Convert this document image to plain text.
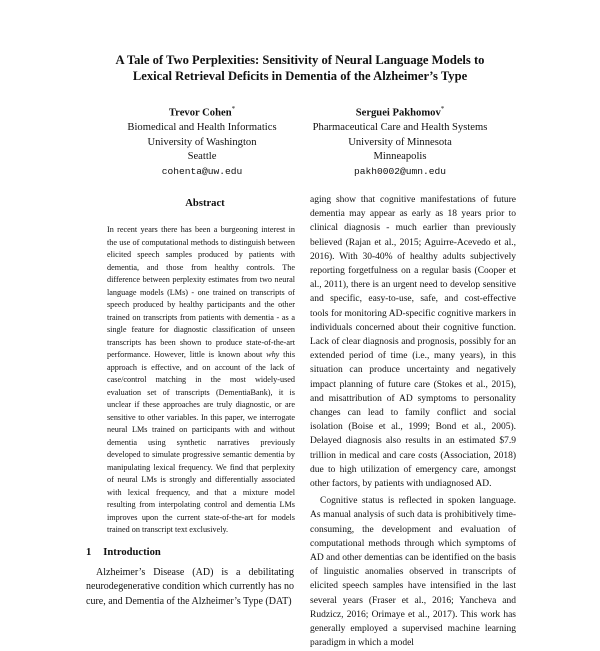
A Tale of Two Perplexities: Sensitivity of Neural Language Models to
Lexical Retrieval Deficits in Dementia of the Alzheimer’s Type
Trevor Cohen*
Biomedical and Health Informatics
University of Washington
Seattle
cohenta@uw.edu
Serguei Pakhomov*
Pharmaceutical Care and Health Systems
University of Minnesota
Minneapolis
pakh0002@umn.edu
Abstract
In recent years there has been a burgeoning interest in the use of computational methods to distinguish between elicited speech samples produced by patients with dementia, and those from healthy controls. The difference between perplexity estimates from two neural language models (LMs) - one trained on transcripts of speech produced by healthy participants and the other trained on transcripts from patients with dementia - as a single feature for diagnostic classification of unseen transcripts has been shown to produce state-of-the-art performance. However, little is known about why this approach is effective, and on account of the lack of case/control matching in the most widely-used evaluation set of transcripts (DementiaBank), it is unclear if these approaches are truly diagnostic, or are sensitive to other variables. In this paper, we interrogate neural LMs trained on participants with and without dementia using synthetic narratives previously developed to simulate progressive semantic dementia by manipulating lexical frequency. We find that perplexity of neural LMs is strongly and differentially associated with lexical frequency, and that a mixture model resulting from interpolating control and dementia LMs improves upon the current state-of-the-art for models trained on transcript text exclusively.
1 Introduction
Alzheimer’s Disease (AD) is a debilitating neurodegenerative condition which currently has no cure, and Dementia of the Alzheimer’s Type (DAT)

aging show that cognitive manifestations of future dementia may appear as early as 18 years prior to clinical diagnosis - much earlier than previously believed (Rajan et al., 2015; Aguirre-Acevedo et al., 2016). With 30-40% of healthy adults subjectively reporting forgetfulness on a regular basis (Cooper et al., 2011), there is an urgent need to develop sensitive and specific, easy-to-use, safe, and cost-effective tools for monitoring AD-specific cognitive markers in individuals concerned about their cognitive function. Lack of clear diagnosis and prognosis, possibly for an extended period of time (i.e., many years), in this situation can produce uncertainty and negatively impact planning of future care (Stokes et al., 2015), and misattribution of AD symptoms to personality changes can lead to family conflict and social isolation (Boise et al., 1999; Bond et al., 2005). Delayed diagnosis also results in an estimated $7.9 trillion in medical and care costs (Association, 2018) due to high utilization of emergency care, amongst other factors, by patients with undiagnosed AD.

Cognitive status is reflected in spoken language. As manual analysis of such data is prohibitively time-consuming, the development and evaluation of computational methods through which symptoms of AD and other dementias can be identified on the basis of linguistic anomalies observed in transcripts of elicited speech samples have intensified in the last several years (Fraser et al., 2016; Yancheva and Rudzicz, 2016; Orimaye et al., 2017). This work has generally employed a supervised machine learning paradigm in which a model
